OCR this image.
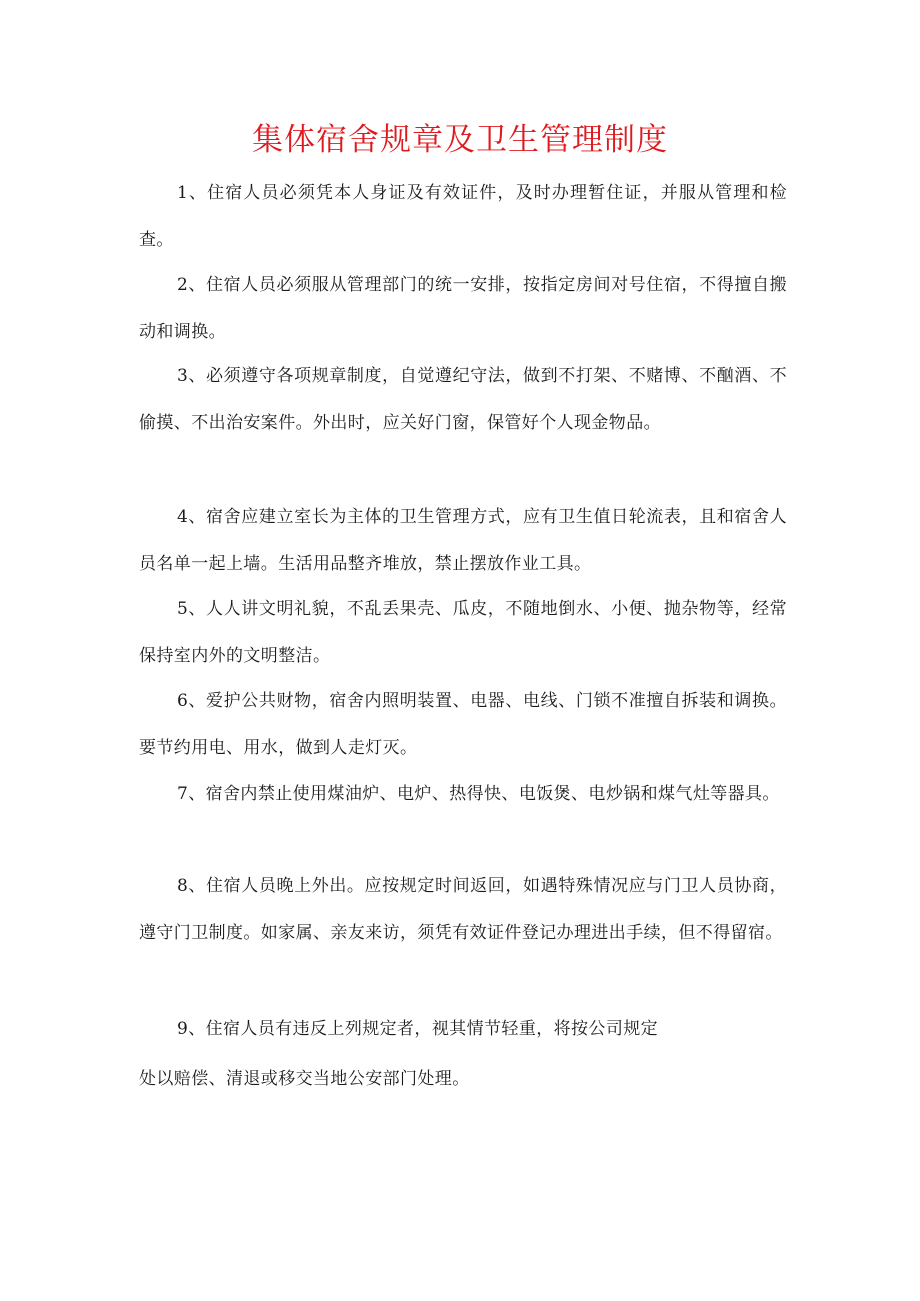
集体宿舍规章及卫生管理制度

1、住宿人员必须凭本人身证及有效证件，及时办理暂住证，并服从管理和检查。

2、住宿人员必须服从管理部门的统一安排，按指定房间对号住宿，不得擅自搬动和调换。

3、必须遵守各项规章制度，自觉遵纪守法，做到不打架、不赌博、不酗酒、不偷摸、不出治安案件。外出时，应关好门窗，保管好个人现金物品。

4、宿舍应建立室长为主体的卫生管理方式，应有卫生值日轮流表，且和宿舍人员名单一起上墙。生活用品整齐堆放，禁止摆放作业工具。

5、人人讲文明礼貌，不乱丢果壳、瓜皮，不随地倒水、小便、抛杂物等，经常保持室内外的文明整洁。

6、爱护公共财物，宿舍内照明装置、电器、电线、门锁不准擅自拆装和调换。要节约用电、用水，做到人走灯灭。

7、宿舍内禁止使用煤油炉、电炉、热得快、电饭煲、电炒锅和煤气灶等器具。

8、住宿人员晚上外出。应按规定时间返回，如遇特殊情况应与门卫人员协商，遵守门卫制度。如家属、亲友来访，须凭有效证件登记办理进出手续，但不得留宿。

9、住宿人员有违反上列规定者，视其情节轻重，将按公司规定

处以赔偿、清退或移交当地公安部门处理。
